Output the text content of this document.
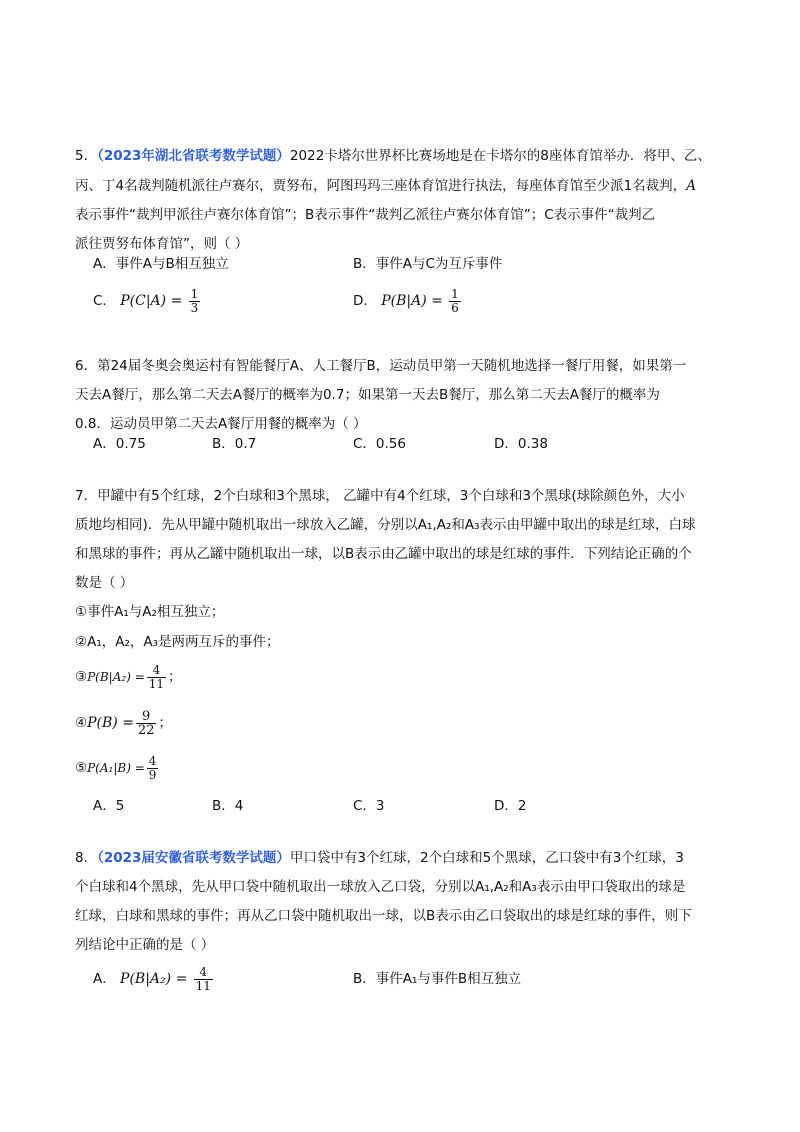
5．（2023年湖北省联考数学试题）2022卡塔尔世界杯比赛场地是在卡塔尔的8座体育馆举办．将甲、乙、
丙、丁4名裁判随机派往卢赛尔，贾努布，阿图玛玛三座体育馆进行执法，每座体育馆至少派1名裁判，A
表示事件“裁判甲派往卢赛尔体育馆”；B表示事件“裁判乙派往卢赛尔体育馆”；C表示事件“裁判乙
派往贾努布体育馆”，则（ ）
A．事件A与B相互独立	B．事件A与C为互斥事件
C． $P(C|A) = \frac{1}{3}$	D． $P(B|A) = \frac{1}{6}$
6．第24届冬奥会奥运村有智能餐厅A、人工餐厅B，运动员甲第一天随机地选择一餐厅用餐，如果第一
天去A餐厅，那么第二天去A餐厅的概率为0.7；如果第一天去B餐厅，那么第二天去A餐厅的概率为
0.8．运动员甲第二天去A餐厅用餐的概率为（ ）
A．0.75	B．0.7	C．0.56	D．0.38
7．甲罐中有5个红球，2个白球和3个黑球， 乙罐中有4个红球，3个白球和3个黑球(球除颜色外，大小
质地均相同)．先从甲罐中随机取出一球放入乙罐，分别以A₁,A₂和A₃表示由甲罐中取出的球是红球，白球
和黑球的事件；再从乙罐中随机取出一球，以B表示由乙罐中取出的球是红球的事件．下列结论正确的个
数是（ ）
①事件A₁与A₂相互独立；
②A₁，A₂，A₃是两两互斥的事件；
③P(B|A₂) = $\frac{4}{11}$ ；
④P(B) = $\frac{9}{22}$ ；
⑤P(A₁|B) = $\frac{4}{9}$
A．5	B．4	C．3	D．2
8．（2023届安徽省联考数学试题）甲口袋中有3个红球，2个白球和5个黑球，乙口袋中有3个红球，3
个白球和4个黑球，先从甲口袋中随机取出一球放入乙口袋，分别以A₁,A₂和A₃表示由甲口袋取出的球是
红球，白球和黑球的事件；再从乙口袋中随机取出一球，以B表示由乙口袋取出的球是红球的事件，则下
列结论中正确的是（ ）
A． $P(B|A_2) = \frac{4}{11}$	B．事件A₁与事件B相互独立
